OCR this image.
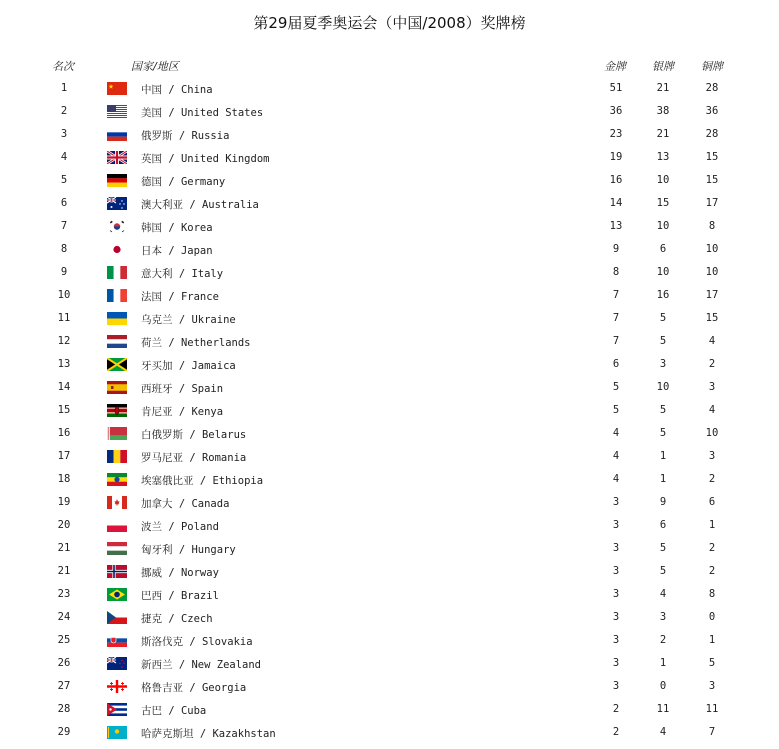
第29届夏季奥运会（中国/2008）奖牌榜
名次	国家/地区	金牌 银牌 铜牌
1	中国 / China	51	21	28
2	美国 / United States	36	38	36
3	俄罗斯 / Russia	23	21	28
4	英国 / United Kingdom	19	13	15
5	德国 / Germany	16	10	15
6	澳大利亚 / Australia	14	15	17
7	韩国 / Korea	13	10	8
8	日本 / Japan	9	6	10
9	意大利 / Italy	8	10	10
10	法国 / France	7	16	17
11	乌克兰 / Ukraine	7	5	15
12	荷兰 / Netherlands	7	5	4
13	牙买加 / Jamaica	6	3	2
14	西班牙 / Spain	5	10	3
15	肯尼亚 / Kenya	5	5	4
16	白俄罗斯 / Belarus	4	5	10
17	罗马尼亚 / Romania	4	1	3
18	埃塞俄比亚 / Ethiopia	4	1	2
19	加拿大 / Canada	3	9	6
20	波兰 / Poland	3	6	1
21	匈牙利 / Hungary	3	5	2
21	挪威 / Norway	3	5	2
23	巴西 / Brazil	3	4	8
24	捷克 / Czech	3	3	0
25	斯洛伐克 / Slovakia	3	2	1
26	新西兰 / New Zealand	3	1	5
27	格鲁吉亚 / Georgia	3	0	3
28	古巴 / Cuba	2	11	11
29	哈萨克斯坦 / Kazakhstan	2	4	7
